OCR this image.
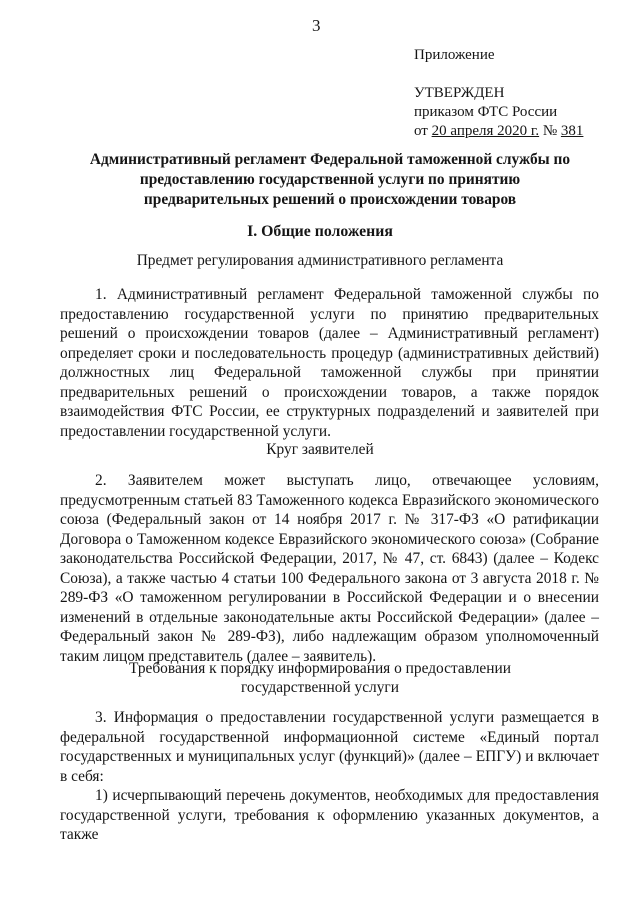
3
Приложение
УТВЕРЖДЕН
приказом ФТС России
от 20 апреля 2020 г. № 381
Административный регламент Федеральной таможенной службы по предоставлению государственной услуги по принятию предварительных решений о происхождении товаров
I. Общие положения
Предмет регулирования административного регламента
1. Административный регламент Федеральной таможенной службы по предоставлению государственной услуги по принятию предварительных решений о происхождении товаров (далее – Административный регламент) определяет сроки и последовательность процедур (административных действий) должностных лиц Федеральной таможенной службы при принятии предварительных решений о происхождении товаров, а также порядок взаимодействия ФТС России, ее структурных подразделений и заявителей при предоставлении государственной услуги.
Круг заявителей
2. Заявителем может выступать лицо, отвечающее условиям, предусмотренным статьей 83 Таможенного кодекса Евразийского экономического союза (Федеральный закон от 14 ноября 2017 г. № 317-ФЗ «О ратификации Договора о Таможенном кодексе Евразийского экономического союза» (Собрание законодательства Российской Федерации, 2017, № 47, ст. 6843) (далее – Кодекс Союза), а также частью 4 статьи 100 Федерального закона от 3 августа 2018 г. № 289-ФЗ «О таможенном регулировании в Российской Федерации и о внесении изменений в отдельные законодательные акты Российской Федерации» (далее – Федеральный закон № 289-ФЗ), либо надлежащим образом уполномоченный таким лицом представитель (далее – заявитель).
Требования к порядку информирования о предоставлении
государственной услуги
3. Информация о предоставлении государственной услуги размещается в федеральной государственной информационной системе «Единый портал государственных и муниципальных услуг (функций)» (далее – ЕПГУ) и включает в себя:
1) исчерпывающий перечень документов, необходимых для предоставления государственной услуги, требования к оформлению указанных документов, а также
